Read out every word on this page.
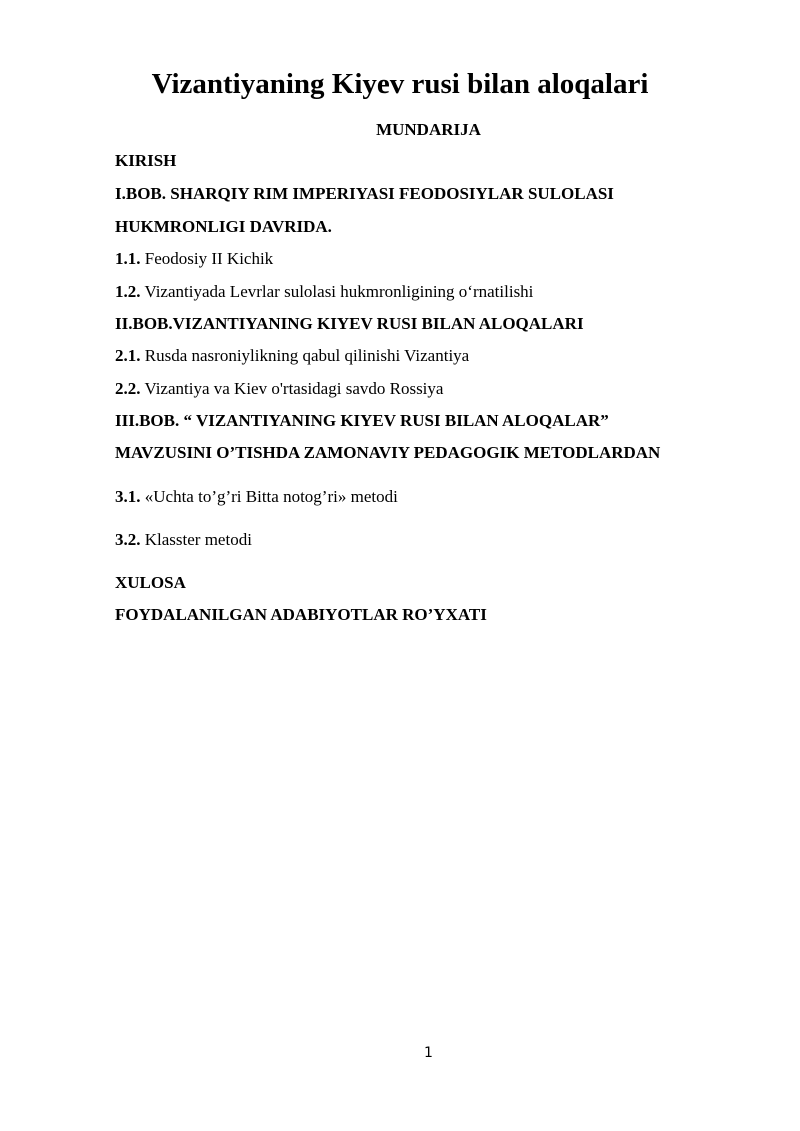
Vizantiyaning Kiyev rusi bilan aloqalari
MUNDARIJA
KIRISH
I.BOB. SHARQIY RIM IMPERIYASI FEODOSIYLAR SULOLASI
HUKMRONLIGI DAVRIDA.
1.1. Feodosiy II Kichik
1.2. Vizantiyada Levrlar sulolasi hukmronligining o‘rnatilishi
II.BOB.VIZANTIYANING KIYEV RUSI BILAN ALOQALARI
2.1. Rusda nasroniylikning qabul qilinishi Vizantiya
2.2. Vizantiya va Kiev o'rtasidagi savdo Rossiya
III.BOB. “ VIZANTIYANING KIYEV RUSI BILAN ALOQALAR”
MAVZUSINI O’TISHDA ZAMONAVIY PEDAGOGIK METODLARDAN
3.1. «Uchta to’g’ri Bitta notog’ri» metodi
3.2. Klasster metodi
XULOSA
FOYDALANILGAN ADABIYOTLAR RO’YXATI
1
